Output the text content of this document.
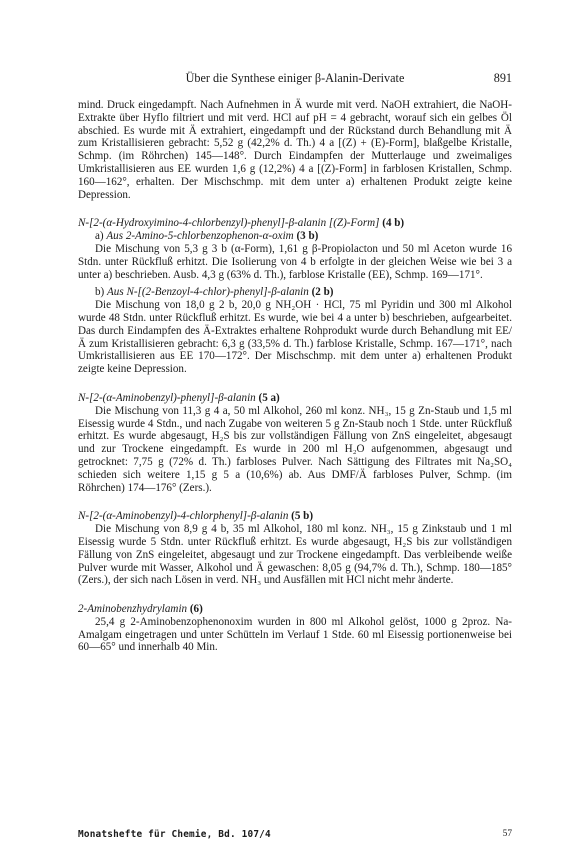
Über die Synthese einiger β-Alanin-Derivate	891

mind. Druck eingedampft. Nach Aufnehmen in Ä wurde mit verd. NaOH extrahiert, die NaOH-Extrakte über Hyflo filtriert und mit verd. HCl auf pH = 4 gebracht, worauf sich ein gelbes Öl abschied. Es wurde mit Ä extrahiert, eingedampft und der Rückstand durch Behandlung mit Ä zum Kristallisieren gebracht: 5,52 g (42,2% d. Th.) 4 a [(Z) + (E)-Form], blaßgelbe Kristalle, Schmp. (im Röhrchen) 145—148°. Durch Eindampfen der Mutterlauge und zweimaliges Umkristallisieren aus EE wurden 1,6 g (12,2%) 4 a [(Z)-Form] in farblosen Kristallen, Schmp. 160—162°, erhalten. Der Mischschmp. mit dem unter a) erhaltenen Produkt zeigte keine Depression.

N-[2-(α-Hydroxyimino-4-chlorbenzyl)-phenyl]-β-alanin [(Z)-Form] (4 b)
a) Aus 2-Amino-5-chlorbenzophenon-α-oxim (3 b)

Die Mischung von 5,3 g 3 b (α-Form), 1,61 g β-Propiolacton und 50 ml Aceton wurde 16 Stdn. unter Rückfluß erhitzt. Die Isolierung von 4 b erfolgte in der gleichen Weise wie bei 3 a unter a) beschrieben. Ausb. 4,3 g (63% d. Th.), farblose Kristalle (EE), Schmp. 169—171°.

b) Aus N-[(2-Benzoyl-4-chlor)-phenyl]-β-alanin (2 b)

Die Mischung von 18,0 g 2 b, 20,0 g NH₂OH · HCl, 75 ml Pyridin und 300 ml Alkohol wurde 48 Stdn. unter Rückfluß erhitzt. Es wurde, wie bei 4 a unter b) beschrieben, aufgearbeitet. Das durch Eindampfen des Ä-Extraktes erhaltene Rohprodukt wurde durch Behandlung mit EE/Ä zum Kristallisieren gebracht: 6,3 g (33,5% d. Th.) farblose Kristalle, Schmp. 167—171°, nach Umkristallisieren aus EE 170—172°. Der Mischschmp. mit dem unter a) erhaltenen Produkt zeigte keine Depression.

N-[2-(α-Aminobenzyl)-phenyl]-β-alanin (5 a)

Die Mischung von 11,3 g 4 a, 50 ml Alkohol, 260 ml konz. NH₃, 15 g Zn-Staub und 1,5 ml Eisessig wurde 4 Stdn., und nach Zugabe von weiteren 5 g Zn-Staub noch 1 Stde. unter Rückfluß erhitzt. Es wurde abgesaugt, H₂S bis zur vollständigen Fällung von ZnS eingeleitet, abgesaugt und zur Trockene eingedampft. Es wurde in 200 ml H₂O aufgenommen, abgesaugt und getrocknet: 7,75 g (72% d. Th.) farbloses Pulver. Nach Sättigung des Filtrates mit Na₂SO₄ schieden sich weitere 1,15 g 5 a (10,6%) ab. Aus DMF/Ä farbloses Pulver, Schmp. (im Röhrchen) 174—176° (Zers.).

N-[2-(α-Aminobenzyl)-4-chlorphenyl]-β-alanin (5 b)

Die Mischung von 8,9 g 4 b, 35 ml Alkohol, 180 ml konz. NH₃, 15 g Zinkstaub und 1 ml Eisessig wurde 5 Stdn. unter Rückfluß erhitzt. Es wurde abgesaugt, H₂S bis zur vollständigen Fällung von ZnS eingeleitet, abgesaugt und zur Trockene eingedampft. Das verbleibende weiße Pulver wurde mit Wasser, Alkohol und Ä gewaschen: 8,05 g (94,7% d. Th.), Schmp. 180—185° (Zers.), der sich nach Lösen in verd. NH₃ und Ausfällen mit HCl nicht mehr änderte.

2-Aminobenzhydrylamin (6)

25,4 g 2-Aminobenzophenonoxim wurden in 800 ml Alkohol gelöst, 1000 g 2proz. Na-Amalgam eingetragen und unter Schütteln im Verlauf 1 Stde. 60 ml Eisessig portionenweise bei 60—65° und innerhalb 40 Min.

Monatshefte für Chemie, Bd. 107/4	57
